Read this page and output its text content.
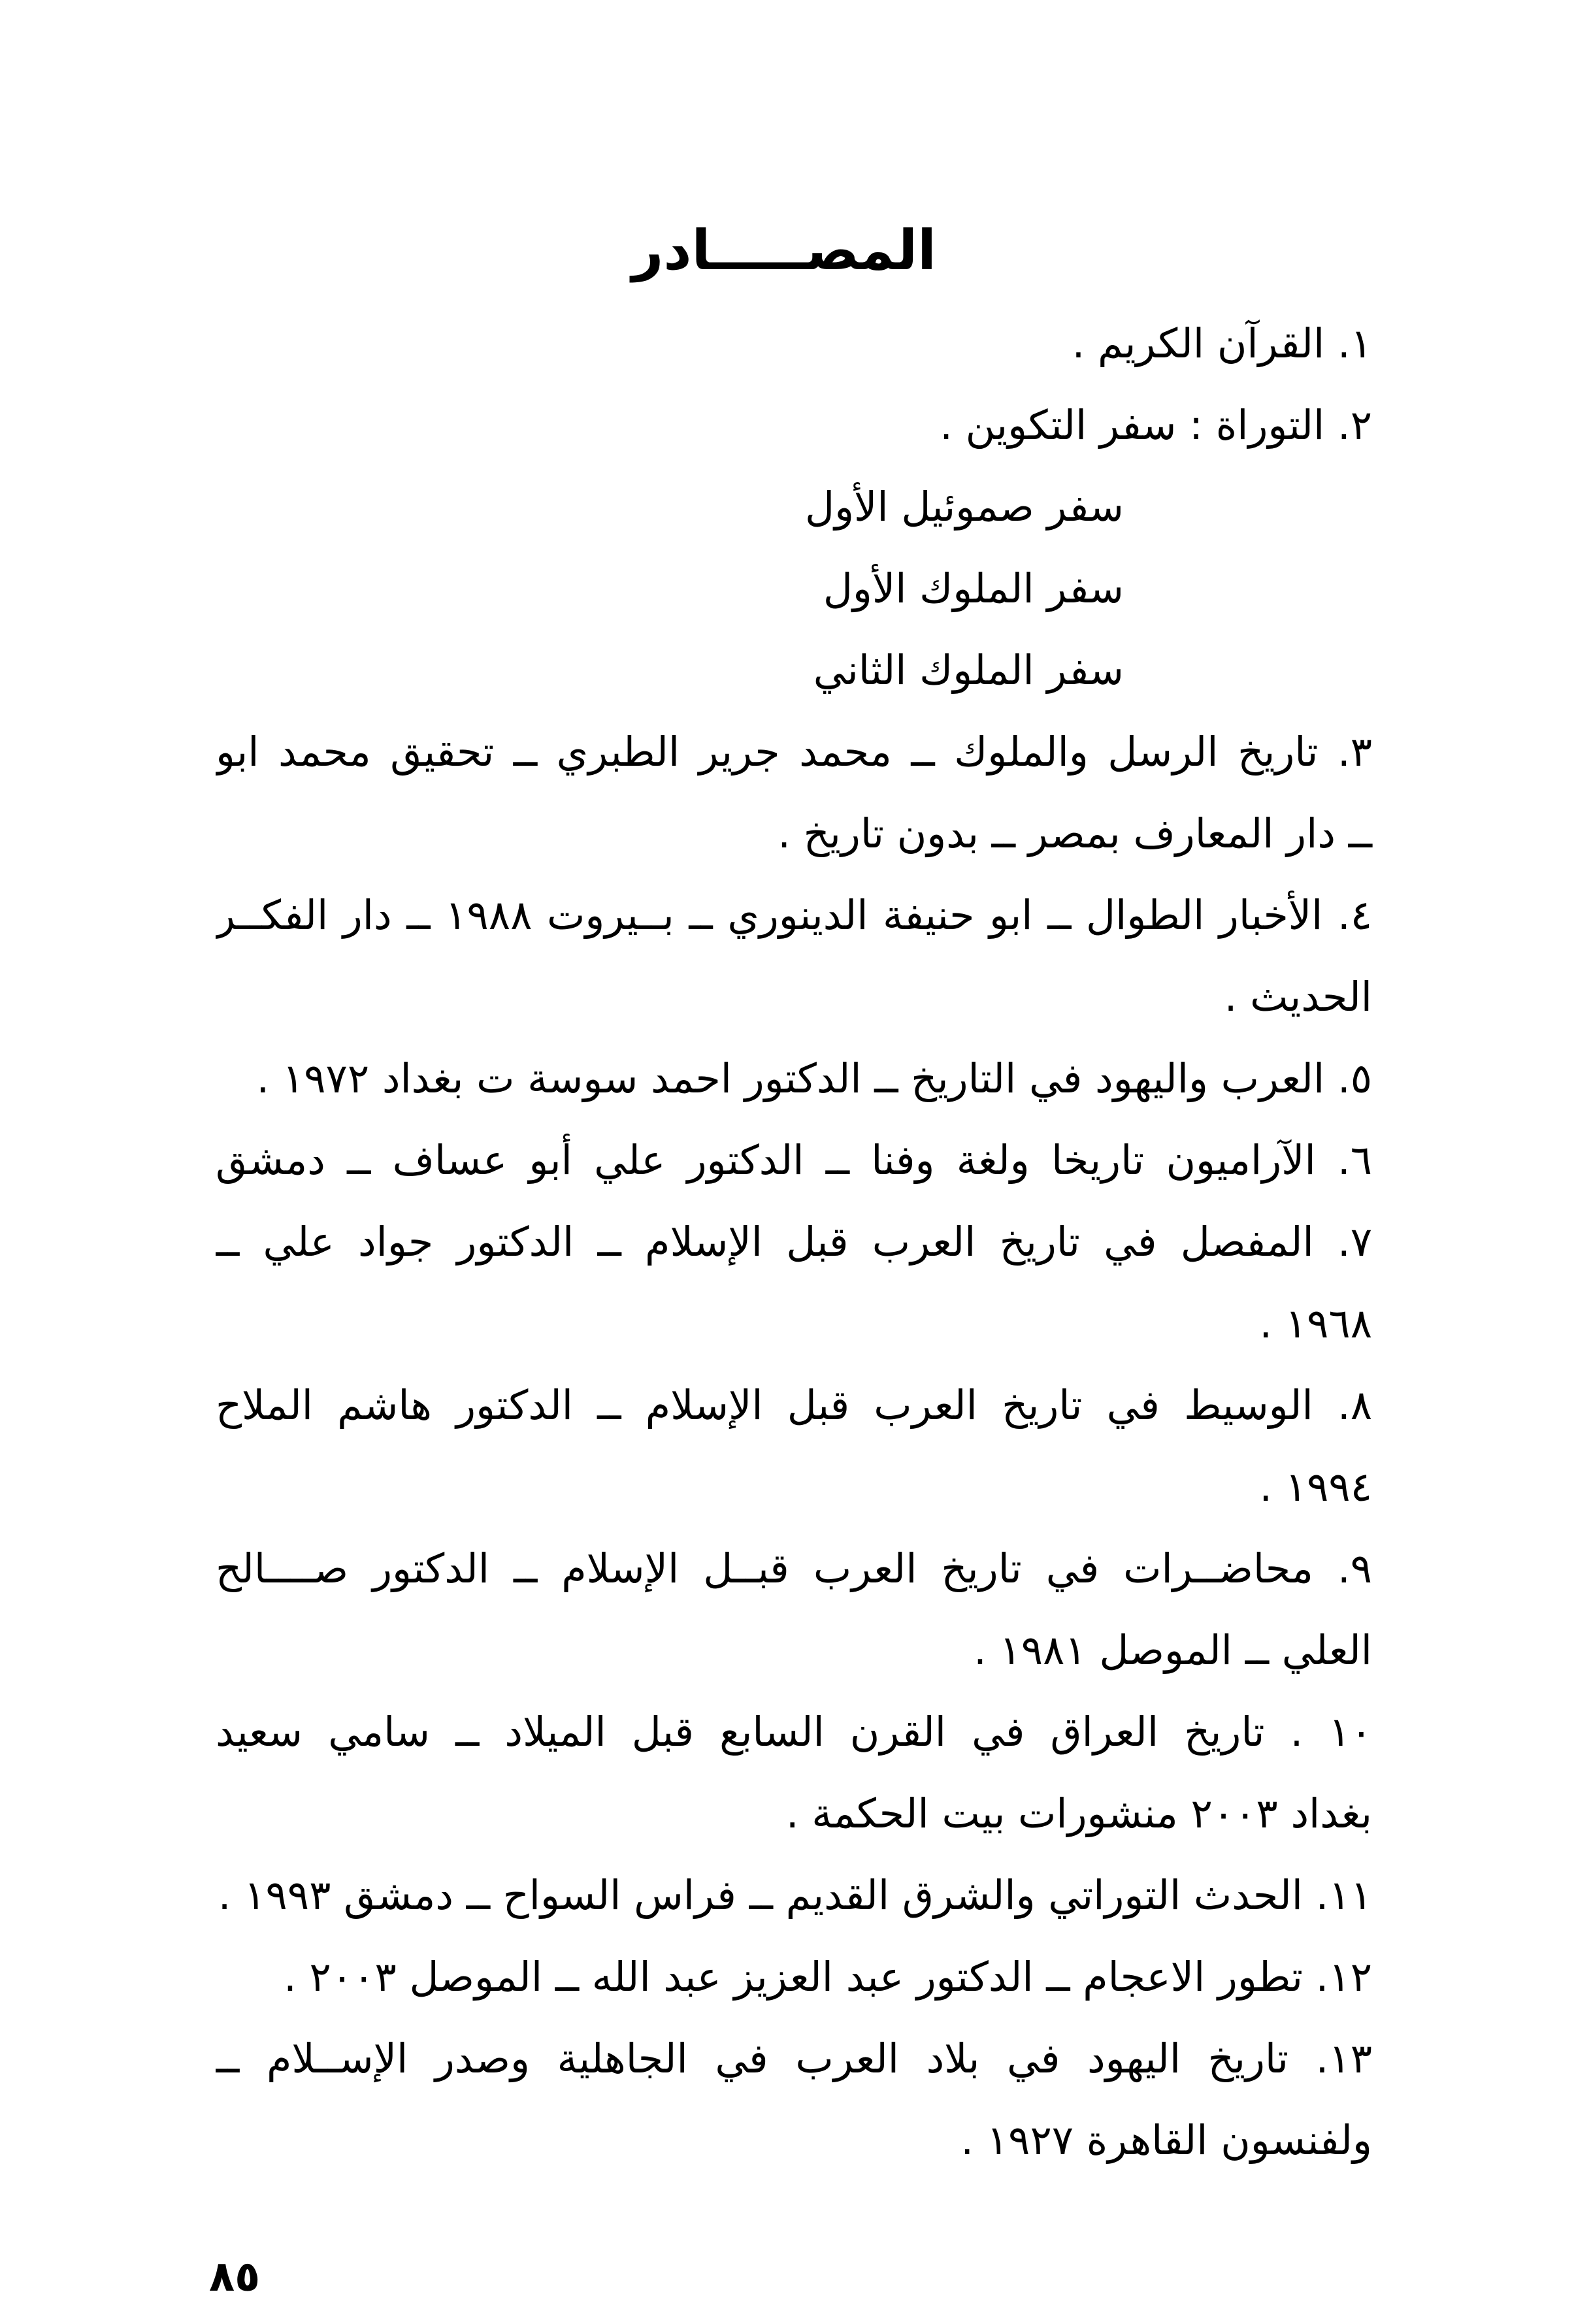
المصـــــادر
١. القرآن الكريم .
٢. التوراة : سفر التكوين .
سفر صموئيل الأول
سفر الملوك الأول
سفر الملوك الثاني
٣. تاريخ الرسل والملوك ــ محمد جرير الطبري ــ تحقيق محمد ابو
ــ دار المعارف بمصر ــ بدون تاريخ .
٤. الأخبار الطوال ــ ابو حنيفة الدينوري ــ بــيروت ١٩٨٨ ــ دار الفكــر
الحديث .
٥. العرب واليهود في التاريخ ــ الدكتور احمد سوسة ت بغداد ١٩٧٢ .
٦. الآراميون تاريخا ولغة وفنا ــ الدكتور علي أبو عساف ــ دمشق
٧. المفصل في تاريخ العرب قبل الإسلام ــ الدكتور جواد علي ــ
١٩٦٨ .
٨. الوسيط في تاريخ العرب قبل الإسلام ــ الدكتور هاشم الملاح
١٩٩٤ .
٩. محاضــرات في تاريخ العرب قبــل الإسلام ــ الدكتور صــــالح
العلي ــ الموصل ١٩٨١ .
١٠ . تاريخ العراق في القرن السابع قبل الميلاد ــ سامي سعيد
بغداد ٢٠٠٣ منشورات بيت الحكمة .
١١. الحدث التوراتي والشرق القديم ــ فراس السواح ــ دمشق ١٩٩٣ .
١٢. تطور الاعجام ــ الدكتور عبد العزيز عبد الله ــ الموصل ٢٠٠٣ .
١٣. تاريخ اليهود في بلاد العرب في الجاهلية وصدر الإســلام ــ
ولفنسون القاهرة ١٩٢٧ .
٨٥
